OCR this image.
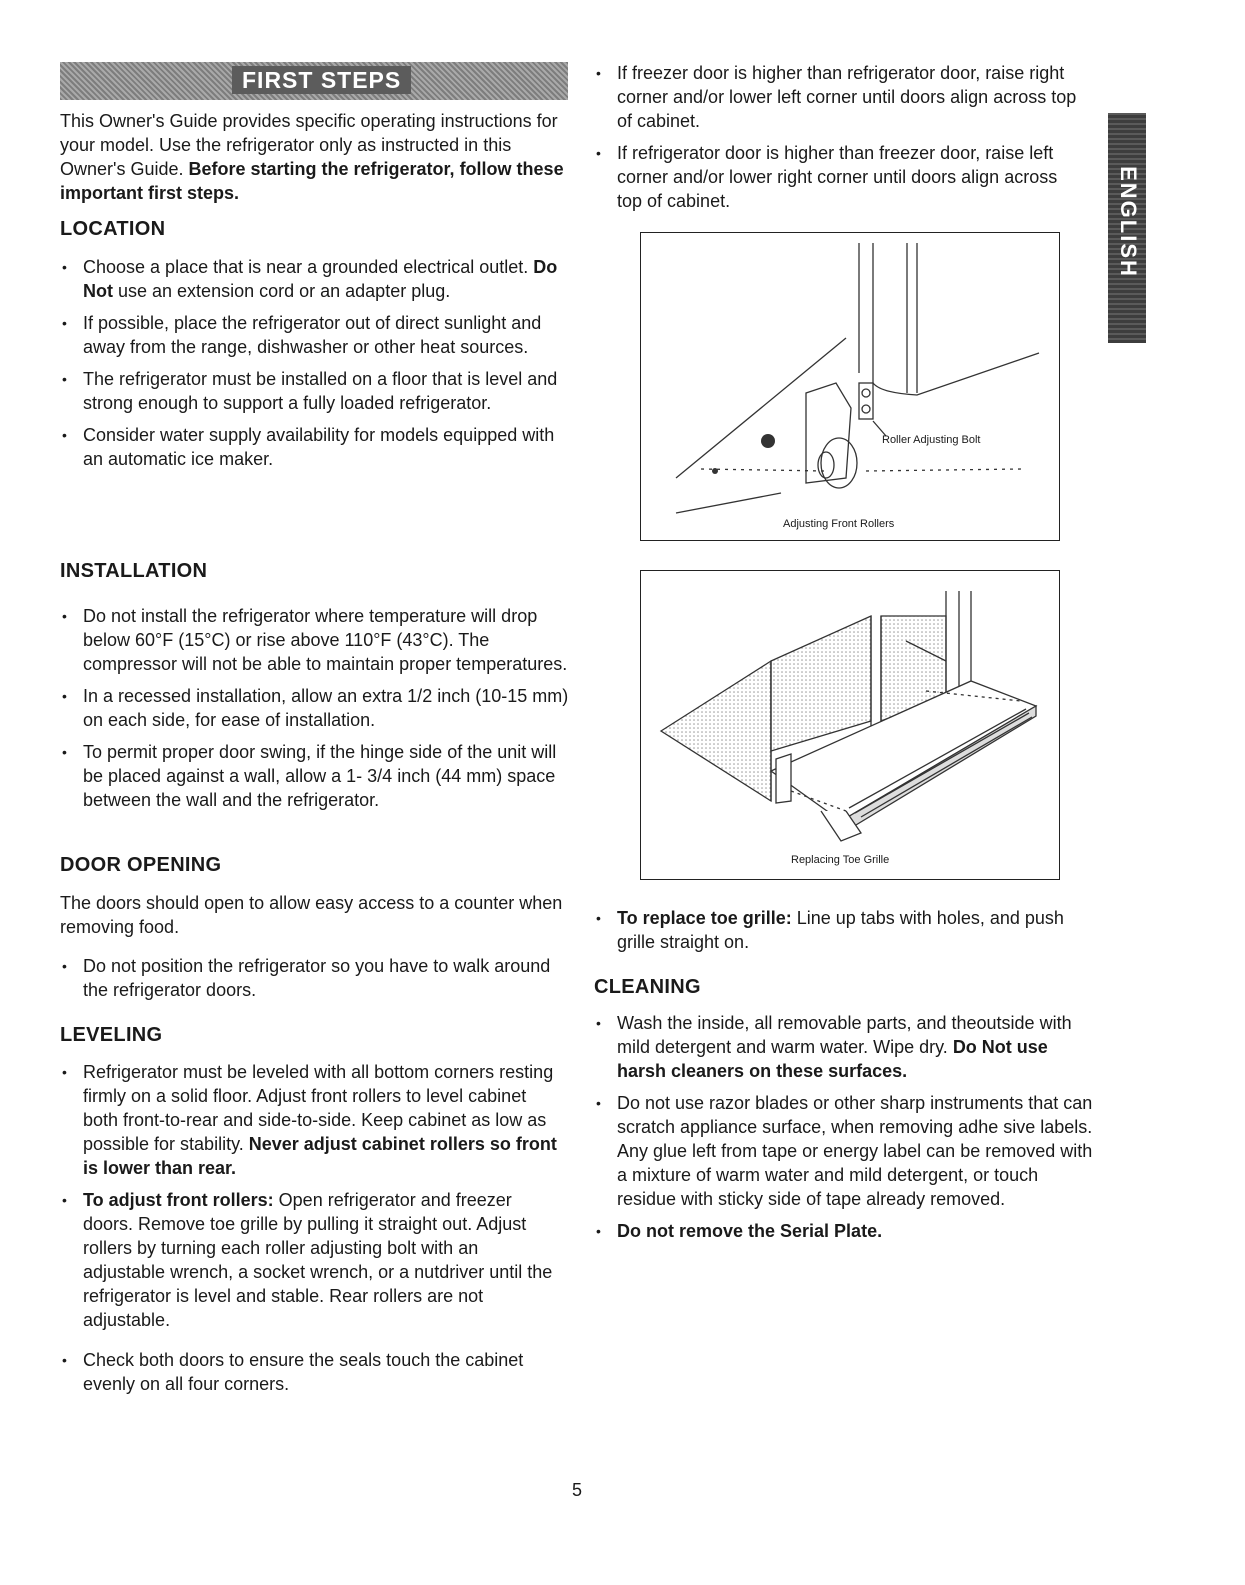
FIRST STEPS

This Owner's Guide provides specific operating instructions for your model. Use the refrigerator only as instructed in this Owner's Guide. Before starting the refrigerator, follow these important first steps.

LOCATION
• Choose a place that is near a grounded electrical outlet. Do Not use an extension cord or an adapter plug.
• If possible, place the refrigerator out of direct sunlight and away from the range, dishwasher or other heat sources.
• The refrigerator must be installed on a floor that is level and strong enough to support a fully loaded refrigerator.
• Consider water supply availability for models equipped with an automatic ice maker.
INSTALLATION
• Do not install the refrigerator where temperature will drop below 60°F (15°C) or rise above 110°F (43°C). The compressor will not be able to maintain proper temperatures.
• In a recessed installation, allow an extra 1/2 inch (10-15 mm) on each side, for ease of installation.
• To permit proper door swing, if the hinge side of the unit will be placed against a wall, allow a 1- 3/4 inch (44 mm) space between the wall and the refrigerator.
DOOR OPENING

The doors should open to allow easy access to a counter when removing food.

• Do not position the refrigerator so you have to walk around the refrigerator doors.
LEVELING
• Refrigerator must be leveled with all bottom corners resting firmly on a solid floor. Adjust front rollers to level cabinet both front-to-rear and side-to-side. Keep cabinet as low as possible for stability. Never adjust cabinet rollers so front is lower than rear.
• To adjust front rollers: Open refrigerator and freezer doors. Remove toe grille by pulling it straight out. Adjust rollers by turning each roller adjusting bolt with an adjustable wrench, a socket wrench, or a nutdriver until the refrigerator is level and stable. Rear rollers are not adjustable.
• Check both doors to ensure the seals touch the cabinet evenly on all four corners.
• If freezer door is higher than refrigerator door, raise right corner and/or lower left corner until doors align across top of cabinet.
• If refrigerator door is higher than freezer door, raise left corner and/or lower right corner until doors align across top of cabinet.
Roller Adjusting Bolt
Adjusting Front Rollers
Replacing Toe Grille
• To replace toe grille: Line up tabs with holes, and push grille straight on.
CLEANING
• Wash the inside, all removable parts, and theoutside with mild detergent and warm water. Wipe dry. Do Not use harsh cleaners on these surfaces.
• Do not use razor blades or other sharp instruments that can scratch appliance surface, when removing adhe sive labels. Any glue left from tape or energy label can be removed with a mixture of warm water and mild detergent, or touch residue with sticky side of tape already removed.
• Do not remove the Serial Plate.
ENGLISH
5
